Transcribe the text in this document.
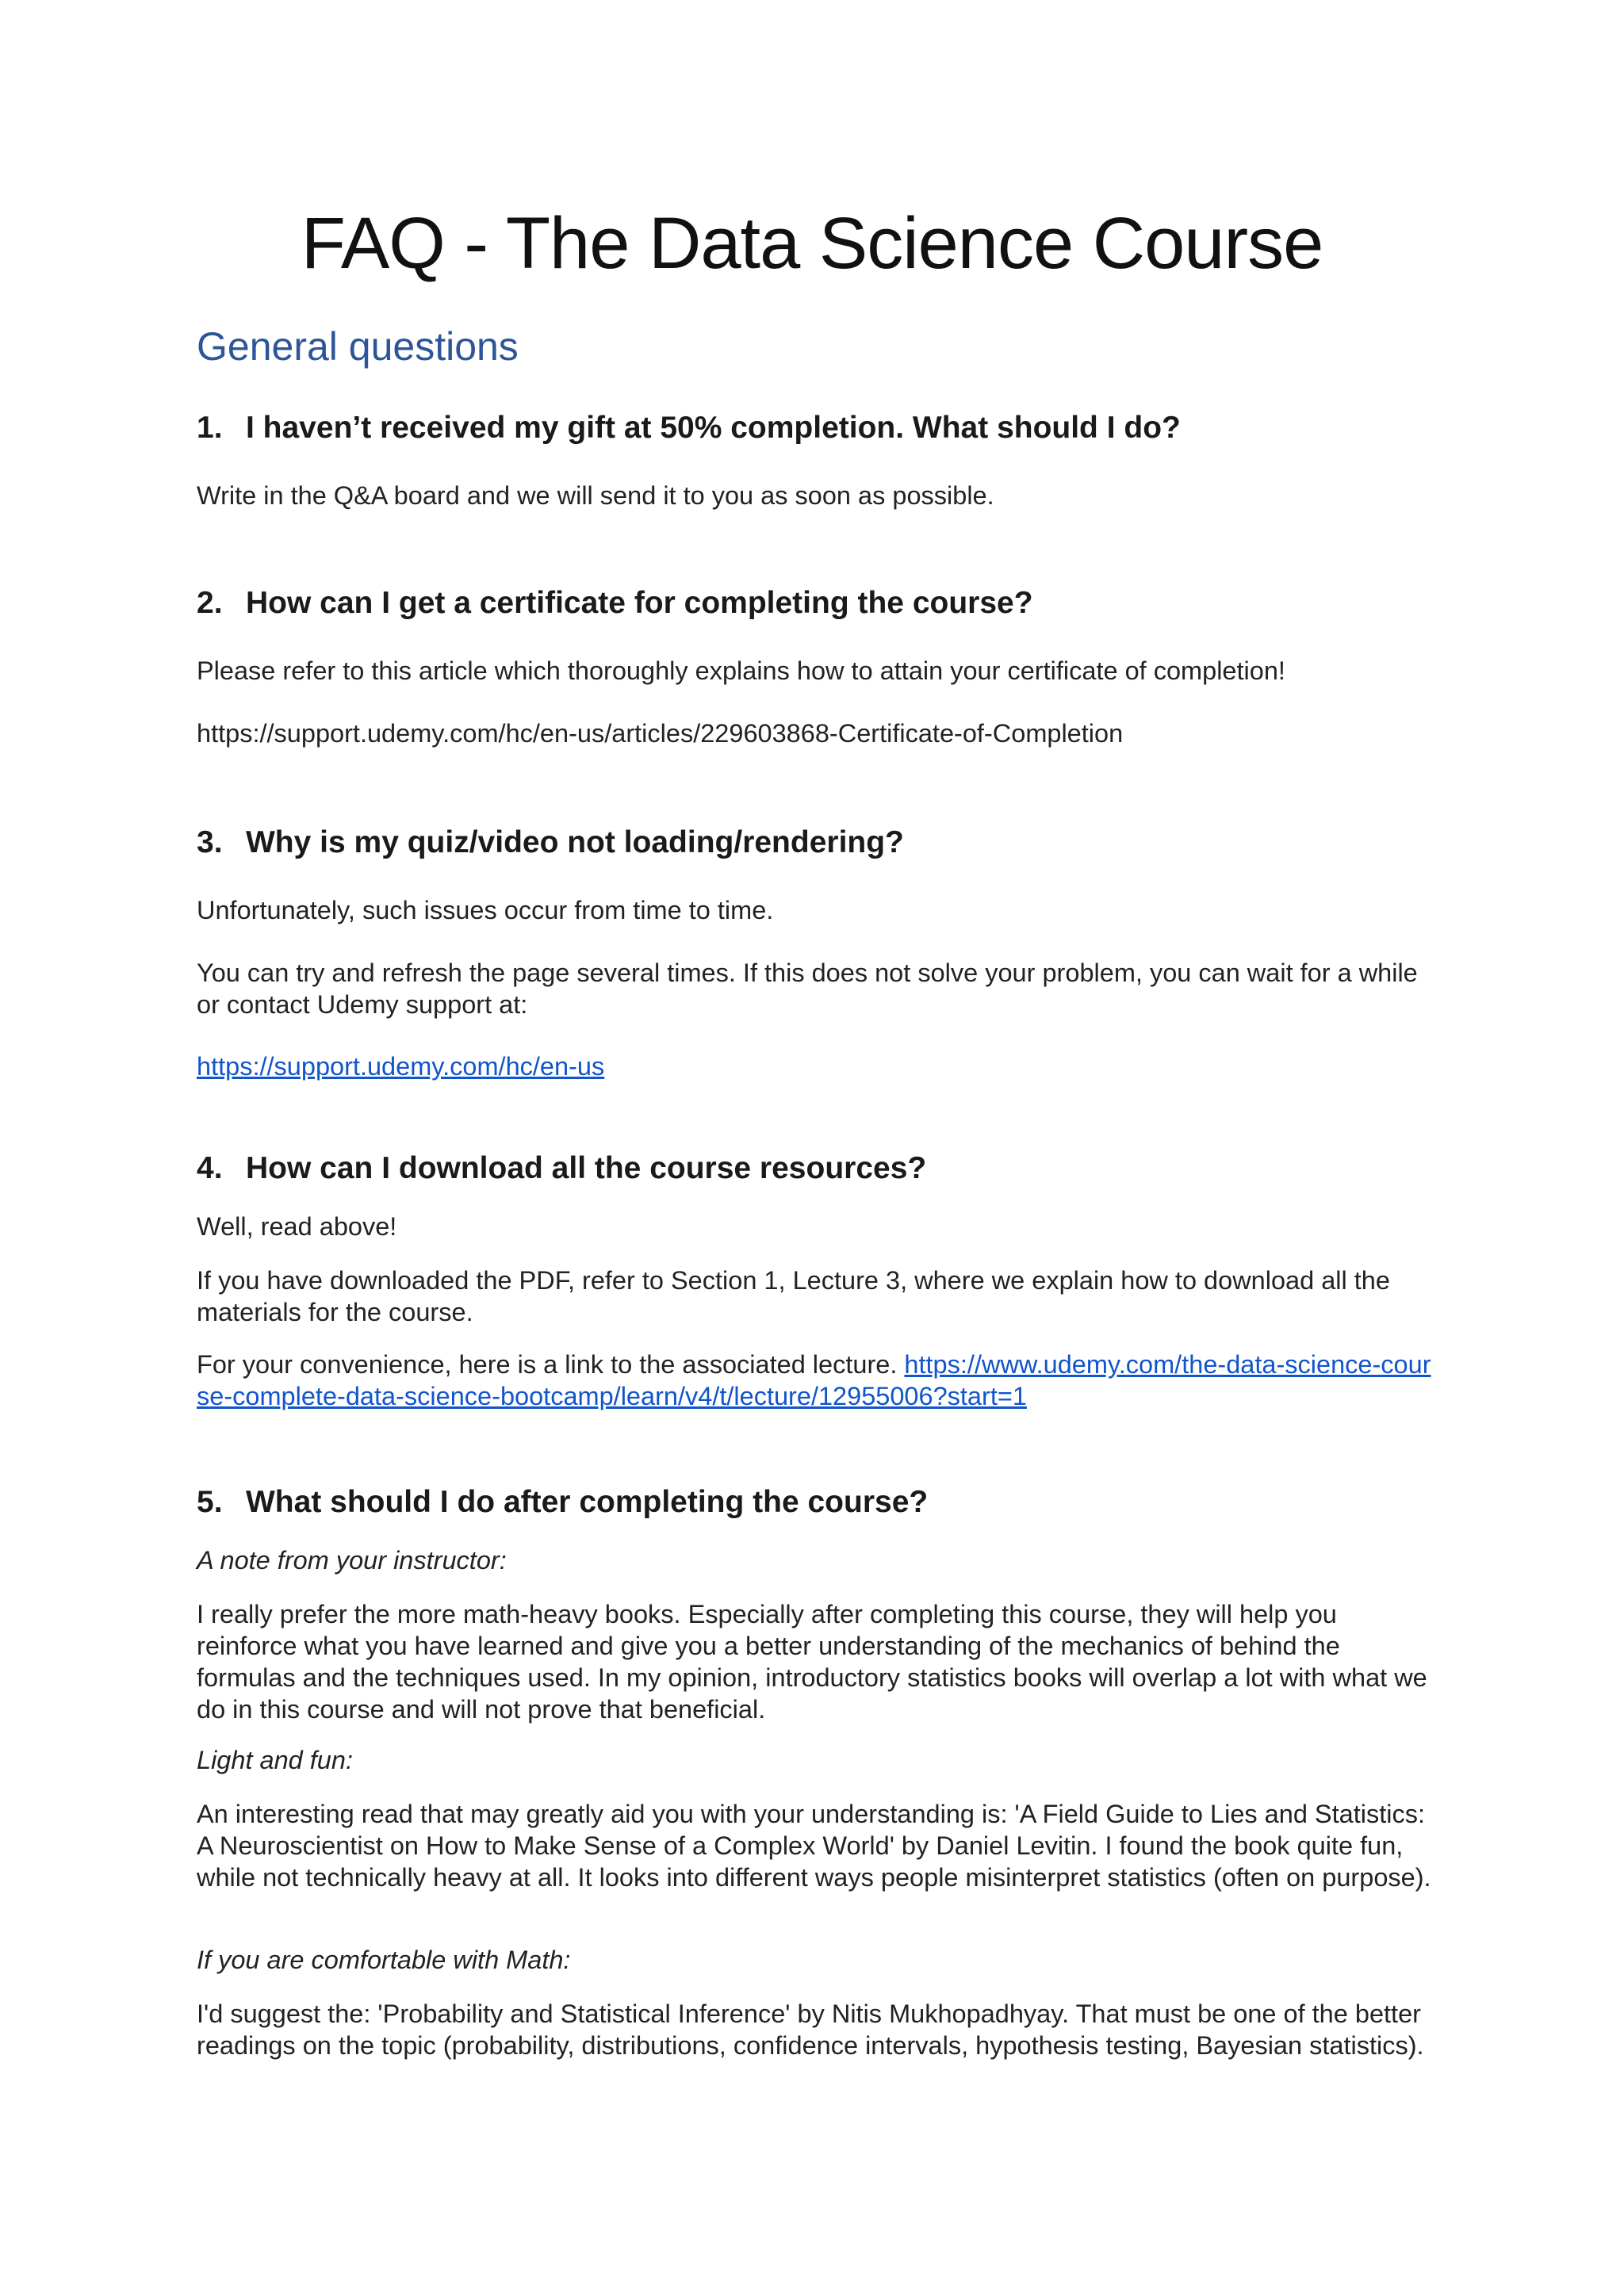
FAQ - The Data Science Course
General questions
1. I haven’t received my gift at 50% completion. What should I do?

Write in the Q&A board and we will send it to you as soon as possible.

2. How can I get a certificate for completing the course?

Please refer to this article which thoroughly explains how to attain your certificate of completion!

https://support.udemy.com/hc/en-us/articles/229603868-Certificate-of-Completion

3. Why is my quiz/video not loading/rendering?

Unfortunately, such issues occur from time to time.

You can try and refresh the page several times. If this does not solve your problem, you can wait for a while or contact Udemy support at:

https://support.udemy.com/hc/en-us

4. How can I download all the course resources?

Well, read above!

If you have downloaded the PDF, refer to Section 1, Lecture 3, where we explain how to download all the materials for the course.

For your convenience, here is a link to the associated lecture. https://www.udemy.com/the-data-science-course-complete-data-science-bootcamp/learn/v4/t/lecture/12955006?start=1

5. What should I do after completing the course?

A note from your instructor:

I really prefer the more math-heavy books. Especially after completing this course, they will help you reinforce what you have learned and give you a better understanding of the mechanics of behind the formulas and the techniques used. In my opinion, introductory statistics books will overlap a lot with what we do in this course and will not prove that beneficial.

Light and fun:

An interesting read that may greatly aid you with your understanding is: 'A Field Guide to Lies and Statistics: A Neuroscientist on How to Make Sense of a Complex World' by Daniel Levitin. I found the book quite fun, while not technically heavy at all. It looks into different ways people misinterpret statistics (often on purpose).

If you are comfortable with Math:

I'd suggest the: 'Probability and Statistical Inference' by Nitis Mukhopadhyay. That must be one of the better readings on the topic (probability, distributions, confidence intervals, hypothesis testing, Bayesian statistics).
